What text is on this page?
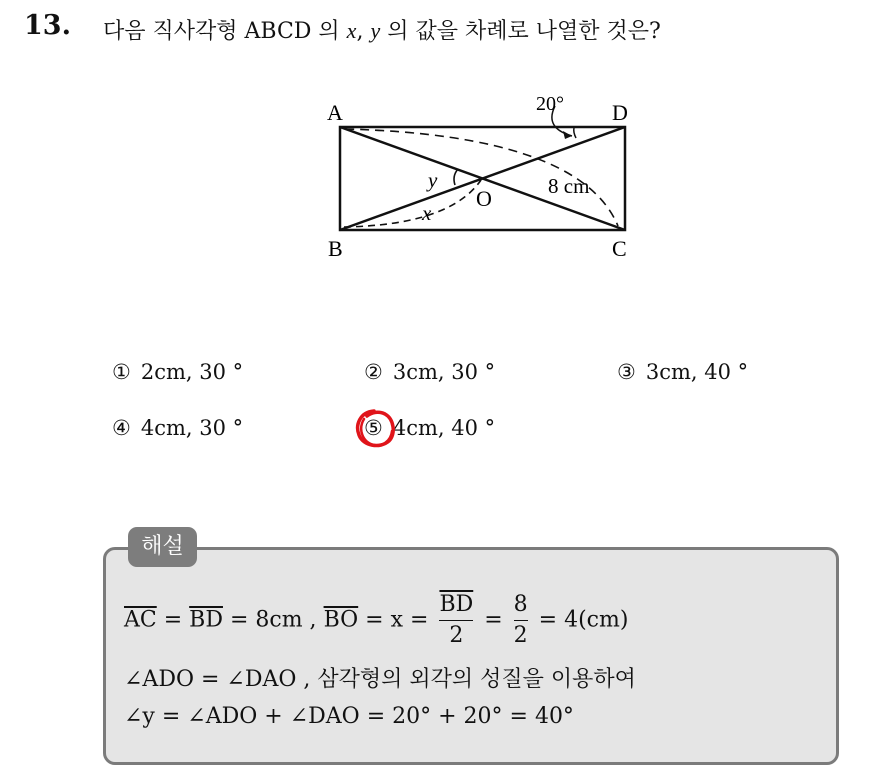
13. 다음 직사각형 ABCD 의 x, y 의 값을 차례로 나열한 것은?
A	D
B	C
O
20°
8 cm
y
x
① 2cm, 30 °	② 3cm, 30 °	③ 3cm, 40 °
④ 4cm, 30 °	⑤ 4cm, 40 °
해설
$\overline{AC} = \overline{BD} = 8cm$ , $\overline{BO} = x = \frac{\overline{BD}}{2} = \frac{8}{2} = 4(cm)$
∠ADO = ∠DAO , 삼각형의 외각의 성질을 이용하여
∠y = ∠ADO + ∠DAO = 20° + 20° = 40°
